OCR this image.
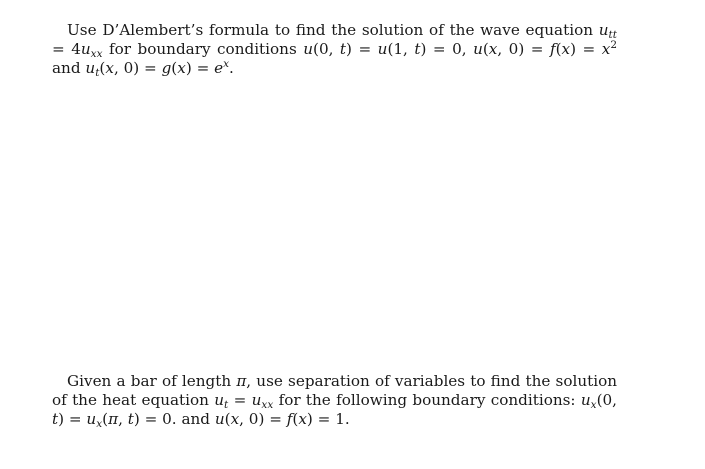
Use D’Alembert’s formula to find the solution of the wave equation $u_{tt} = 4u_{xx}$ for boundary conditions u(0, t) = u(1, t) = 0, u(x, $0) = f(x) = x^2$ and $u_t(x$, $0) = g(x) = e^x$.
Given a bar of length π, use separation of variables to find the solution of the heat equation $u_t = u_{xx}$ for the following boundary conditions: $u_x(0$, $t) = u_x(\pi$, t) = 0. and u(x, 0) = f(x) = 1.
